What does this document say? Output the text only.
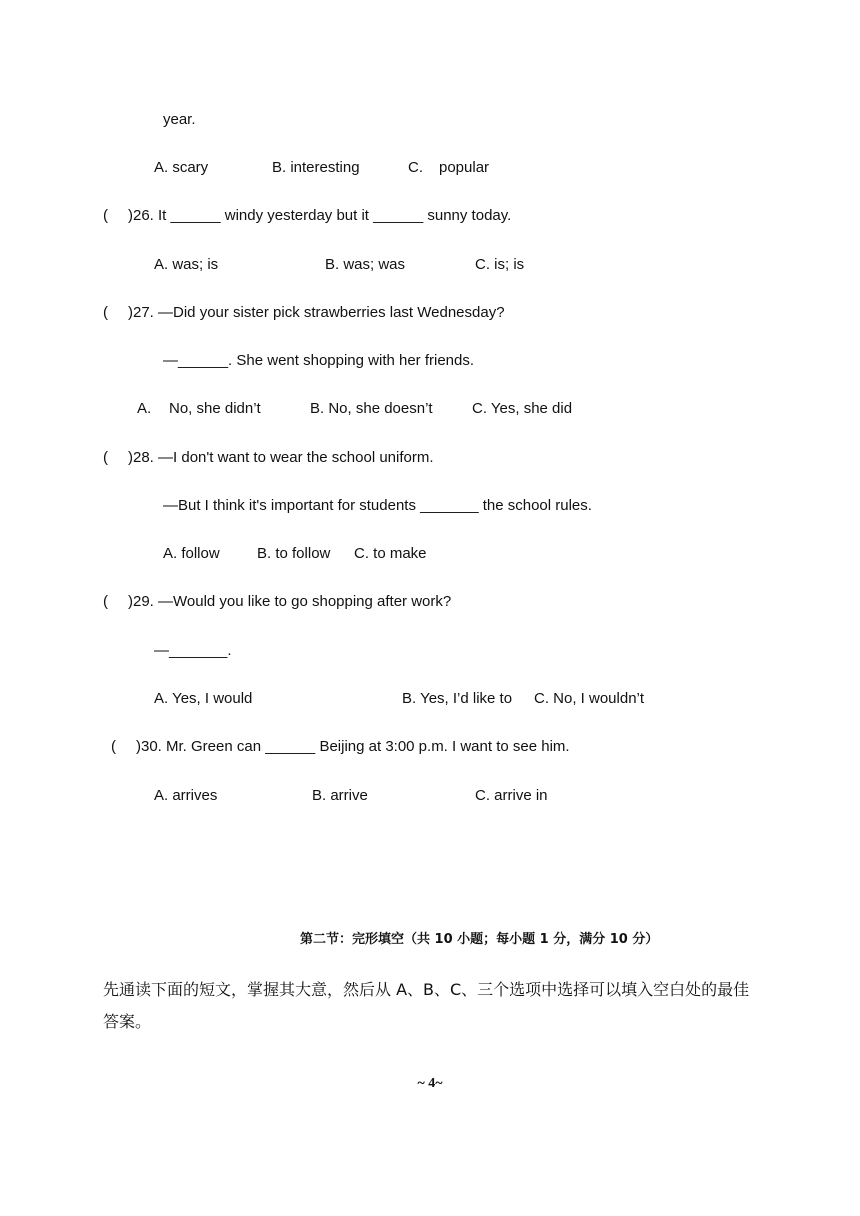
year.
A. scary	B. interesting	C. popular
( )26. It ______ windy yesterday but it ______ sunny today.
A. was; is	B. was; was	C. is; is
( )27. —Did your sister pick strawberries last Wednesday?
—______. She went shopping with her friends.
A. No, she didn’t	B. No, she doesn’t	C. Yes, she did
( )28. —I don't want to wear the school uniform.
—But I think it's important for students _______ the school rules.
A. follow B. to follow C. to make
( )29. —Would you like to go shopping after work?
—_______.
A. Yes, I would	B. Yes, I’d like to C. No, I wouldn’t
( )30. Mr. Green can ______ Beijing at 3:00 p.m. I want to see him.
A. arrives	B. arrive	C. arrive in
第二节：完形填空（共 10 小题；每小题 1 分，满分 10 分）
先通读下面的短文，掌握其大意，然后从 A、B、C、三个选项中选择可以填入空白处的最佳答案。
~ 4~
